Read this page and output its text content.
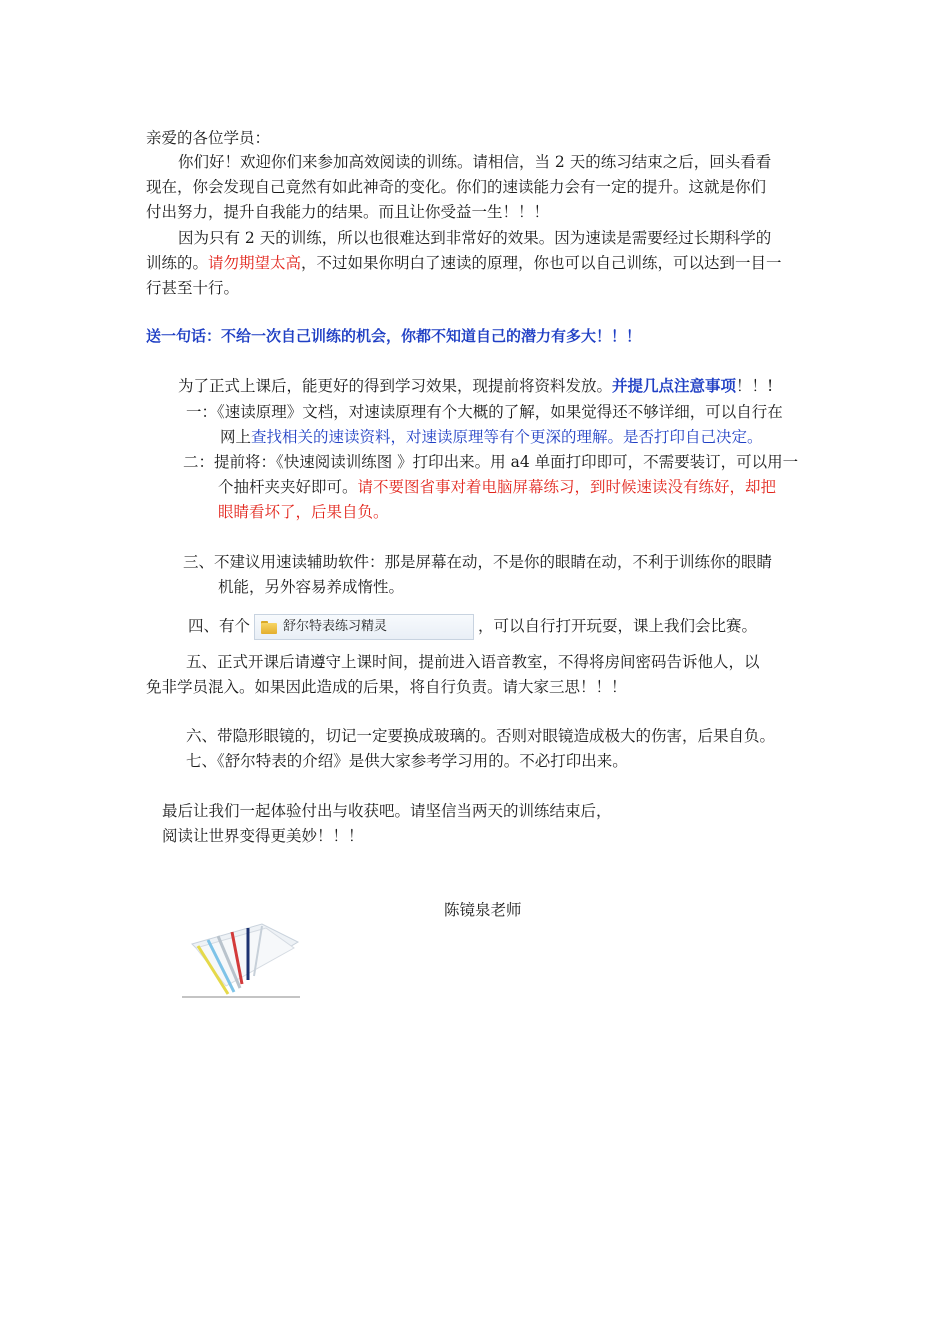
亲爱的各位学员：
你们好！欢迎你们来参加高效阅读的训练。请相信，当 2 天的练习结束之后，回头看看
现在，你会发现自己竟然有如此神奇的变化。你们的速读能力会有一定的提升。这就是你们
付出努力，提升自我能力的结果。而且让你受益一生！！！
因为只有 2 天的训练，所以也很难达到非常好的效果。因为速读是需要经过长期科学的
训练的。请勿期望太高，不过如果你明白了速读的原理，你也可以自己训练，可以达到一目一
行甚至十行。
送一句话：不给一次自己训练的机会，你都不知道自己的潜力有多大！！！
为了正式上课后，能更好的得到学习效果，现提前将资料发放。并提几点注意事项！！!
一：《速读原理》文档，对速读原理有个大概的了解，如果觉得还不够详细，可以自行在
网上查找相关的速读资料，对速读原理等有个更深的理解。是否打印自己决定。
二：提前将：《快速阅读训练图 》打印出来。用 a4 单面打印即可，不需要装订，可以用一
个抽杆夹夹好即可。请不要图省事对着电脑屏幕练习，到时候速读没有练好，却把
眼睛看坏了，后果自负。
三、不建议用速读辅助软件：那是屏幕在动，不是你的眼睛在动，不利于训练你的眼睛
机能，另外容易养成惰性。
四、有个	舒尔特表练习精灵	，可以自行打开玩耍，课上我们会比赛。
五、正式开课后请遵守上课时间，提前进入语音教室，不得将房间密码告诉他人，以
免非学员混入。如果因此造成的后果，将自行负责。请大家三思！！！
六、带隐形眼镜的，切记一定要换成玻璃的。否则对眼镜造成极大的伤害，后果自负。
七、《舒尔特表的介绍》是供大家参考学习用的。不必打印出来。
最后让我们一起体验付出与收获吧。请坚信当两天的训练结束后，
阅读让世界变得更美妙！！！
陈镜泉老师
